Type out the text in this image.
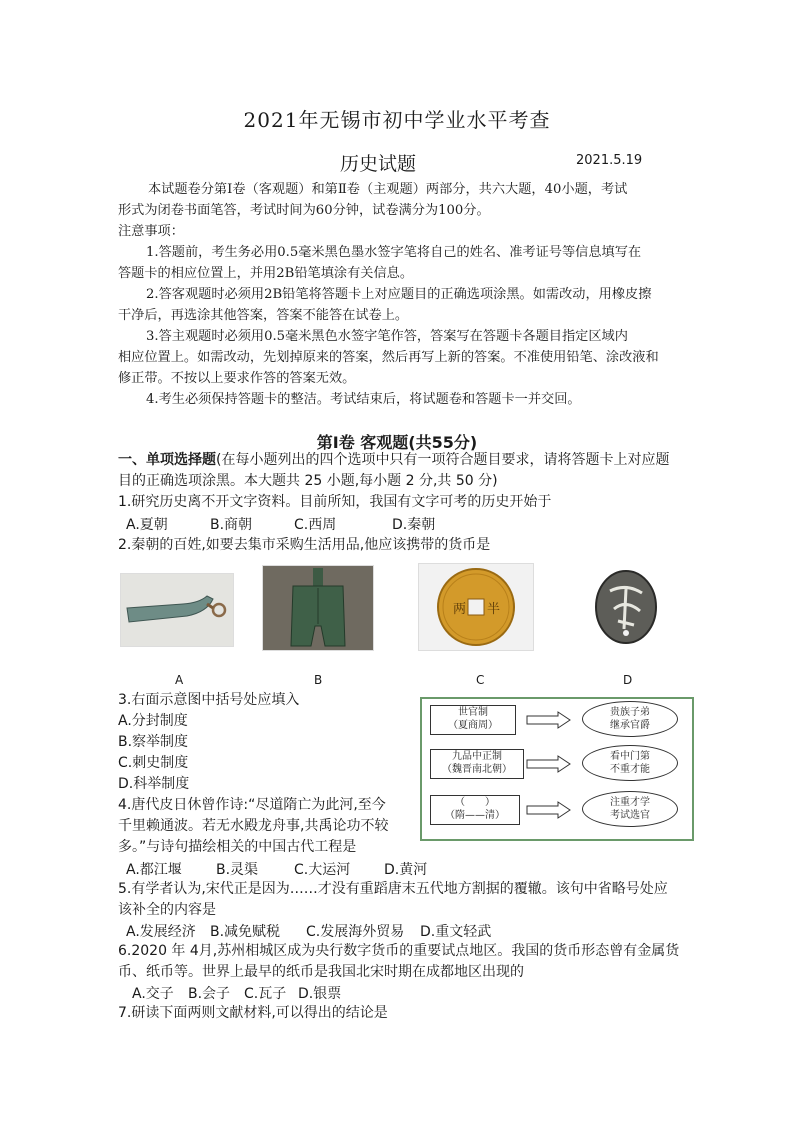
2021年无锡市初中学业水平考查
历史试题	2021.5.19
本试题卷分第Ⅰ卷（客观题）和第Ⅱ卷（主观题）两部分，共六大题，40小题，考试
形式为闭卷书面笔答，考试时间为60分钟，试卷满分为100分。
注意事项：
1.答题前，考生务必用0.5毫米黑色墨水签字笔将自己的姓名、准考证号等信息填写在
答题卡的相应位置上，并用2B铅笔填涂有关信息。
2.答客观题时必须用2B铅笔将答题卡上对应题目的正确选项涂黑。如需改动，用橡皮擦
干净后，再选涂其他答案，答案不能答在试卷上。
3.答主观题时必须用0.5毫米黑色水签字笔作答，答案写在答题卡各题目指定区域内
相应位置上。如需改动，先划掉原来的答案，然后再写上新的答案。不准使用铅笔、涂改液和
修正带。不按以上要求作答的答案无效。
4.考生必须保持答题卡的整洁。考试结束后，将试题卷和答题卡一并交回。
第Ⅰ卷 客观题(共55分)
一、单项选择题(在每小题列出的四个选项中只有一项符合题目要求，请将答题卡上对应题
目的正确选项涂黑。本大题共 25 小题,每小题 2 分,共 50 分)
1.研究历史离不开文字资料。目前所知，我国有文字可考的历史开始于
A.夏朝	B.商朝	C.西周	D.秦朝
2.秦朝的百姓,如要去集市采购生活用品,他应该携带的货币是
两 半
A	B	C	D
3.右面示意图中括号处应填入
A.分封制度
B.察举制度
C.刺史制度
D.科举制度
世官制
（夏商周）
九品中正制
（魏晋南北朝）
（　　）
（隋——清）
贵族子弟
继承官爵
看中门第
不重才能
注重才学
考试选官
4.唐代皮日休曾作诗:“尽道隋亡为此河,至今
千里赖通波。若无水殿龙舟事,共禹论功不较
多。”与诗句描绘相关的中国古代工程是
A.都江堰 B.灵渠	C.大运河 D.黄河
5.有学者认为,宋代正是因为……才没有重蹈唐末五代地方割据的覆辙。该句中省略号处应
该补全的内容是
A.发展经济 B.减免赋税 C.发展海外贸易 D.重文轻武
6.2020 年 4月,苏州相城区成为央行数字货币的重要试点地区。我国的货币形态曾有金属货
币、纸币等。世界上最早的纸币是我国北宋时期在成都地区出现的
A.交子 B.会子 C.瓦子 D.银票
7.研读下面两则文献材料,可以得出的结论是
